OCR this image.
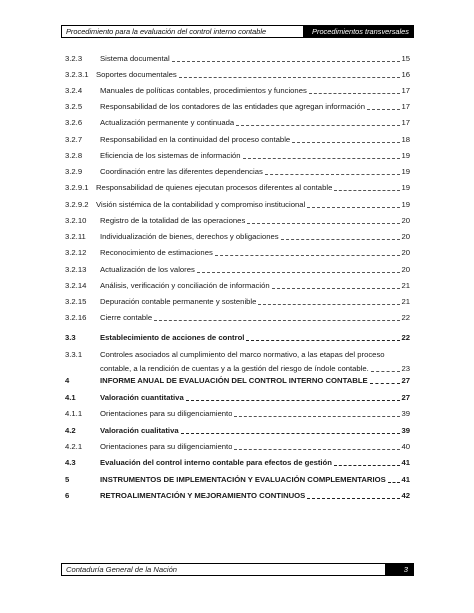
Procedimiento para la evaluación del control interno contable	Procedimientos transversales
3.2.3 Sistema documental	15
3.2.3.1 Soportes documentales	16
3.2.4 Manuales de políticas contables, procedimientos y funciones	17
3.2.5 Responsabilidad de los contadores de las entidades que agregan información	17
3.2.6 Actualización permanente y continuada	17
3.2.7 Responsabilidad en la continuidad del proceso contable	18
3.2.8 Eficiencia de los sistemas de información	19
3.2.9 Coordinación entre las diferentes dependencias	19
3.2.9.1 Responsabilidad de quienes ejecutan procesos diferentes al contable	19
3.2.9.2 Visión sistémica de la contabilidad y compromiso institucional	19
3.2.10 Registro de la totalidad de las operaciones	20
3.2.11 Individualización de bienes, derechos y obligaciones	20
3.2.12 Reconocimiento de estimaciones	20
3.2.13 Actualización de los valores	20
3.2.14 Análisis, verificación y conciliación de información	21
3.2.15 Depuración contable permanente y sostenible	21
3.2.16 Cierre contable	22
3.3	Establecimiento de acciones de control	22
3.3.1 Controles asociados al cumplimiento del marco normativo, a las etapas del proceso
contable, a la rendición de cuentas y a la gestión del riesgo de índole contable.	23
4	INFORME ANUAL DE EVALUACIÓN DEL CONTROL INTERNO CONTABLE	27
4.1	Valoración cuantitativa	27
4.1.1 Orientaciones para su diligenciamiento	39
4.2	Valoración cualitativa	39
4.2.1 Orientaciones para su diligenciamiento	40
4.3	Evaluación del control interno contable para efectos de gestión	41
5	INSTRUMENTOS DE IMPLEMENTACIÓN Y EVALUACIÓN COMPLEMENTARIOS 41
6	RETROALIMENTACIÓN Y MEJORAMIENTO CONTINUOS	42
Contaduría General de la Nación	3
